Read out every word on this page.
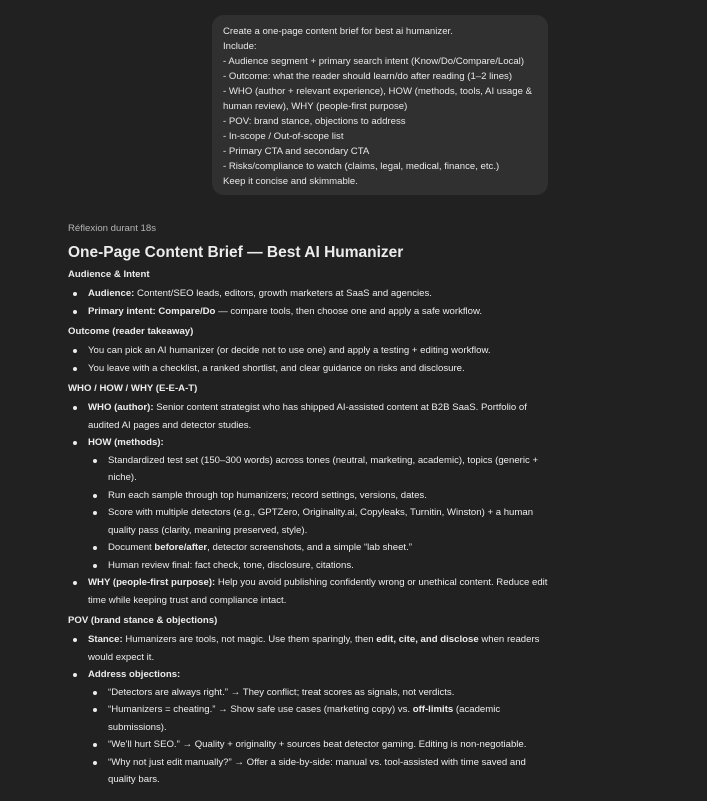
Create a one-page content brief for best ai humanizer.
Include:
- Audience segment + primary search intent (Know/Do/Compare/Local)
- Outcome: what the reader should learn/do after reading (1–2 lines)
- WHO (author + relevant experience), HOW (methods, tools, AI usage & human review), WHY (people-first purpose)
- POV: brand stance, objections to address
- In-scope / Out-of-scope list
- Primary CTA and secondary CTA
- Risks/compliance to watch (claims, legal, medical, finance, etc.)
Keep it concise and skimmable.
Réflexion durant 18s
One-Page Content Brief — Best AI Humanizer
Audience & Intent
Audience: Content/SEO leads, editors, growth marketers at SaaS and agencies.
Primary intent: Compare/Do — compare tools, then choose one and apply a safe workflow.
Outcome (reader takeaway)
You can pick an AI humanizer (or decide not to use one) and apply a testing + editing workflow.
You leave with a checklist, a ranked shortlist, and clear guidance on risks and disclosure.
WHO / HOW / WHY (E-E-A-T)
WHO (author): Senior content strategist who has shipped AI-assisted content at B2B SaaS. Portfolio of audited AI pages and detector studies.
HOW (methods):
Standardized test set (150–300 words) across tones (neutral, marketing, academic), topics (generic + niche).
Run each sample through top humanizers; record settings, versions, dates.
Score with multiple detectors (e.g., GPTZero, Originality.ai, Copyleaks, Turnitin, Winston) + a human quality pass (clarity, meaning preserved, style).
Document before/after, detector screenshots, and a simple “lab sheet.”
Human review final: fact check, tone, disclosure, citations.
WHY (people-first purpose): Help you avoid publishing confidently wrong or unethical content. Reduce edit time while keeping trust and compliance intact.
POV (brand stance & objections)
Stance: Humanizers are tools, not magic. Use them sparingly, then edit, cite, and disclose when readers would expect it.
Address objections:
“Detectors are always right.” → They conflict; treat scores as signals, not verdicts.
“Humanizers = cheating.” → Show safe use cases (marketing copy) vs. off-limits (academic submissions).
“We’ll hurt SEO.” → Quality + originality + sources beat detector gaming. Editing is non-negotiable.
“Why not just edit manually?” → Offer a side-by-side: manual vs. tool-assisted with time saved and quality bars.
